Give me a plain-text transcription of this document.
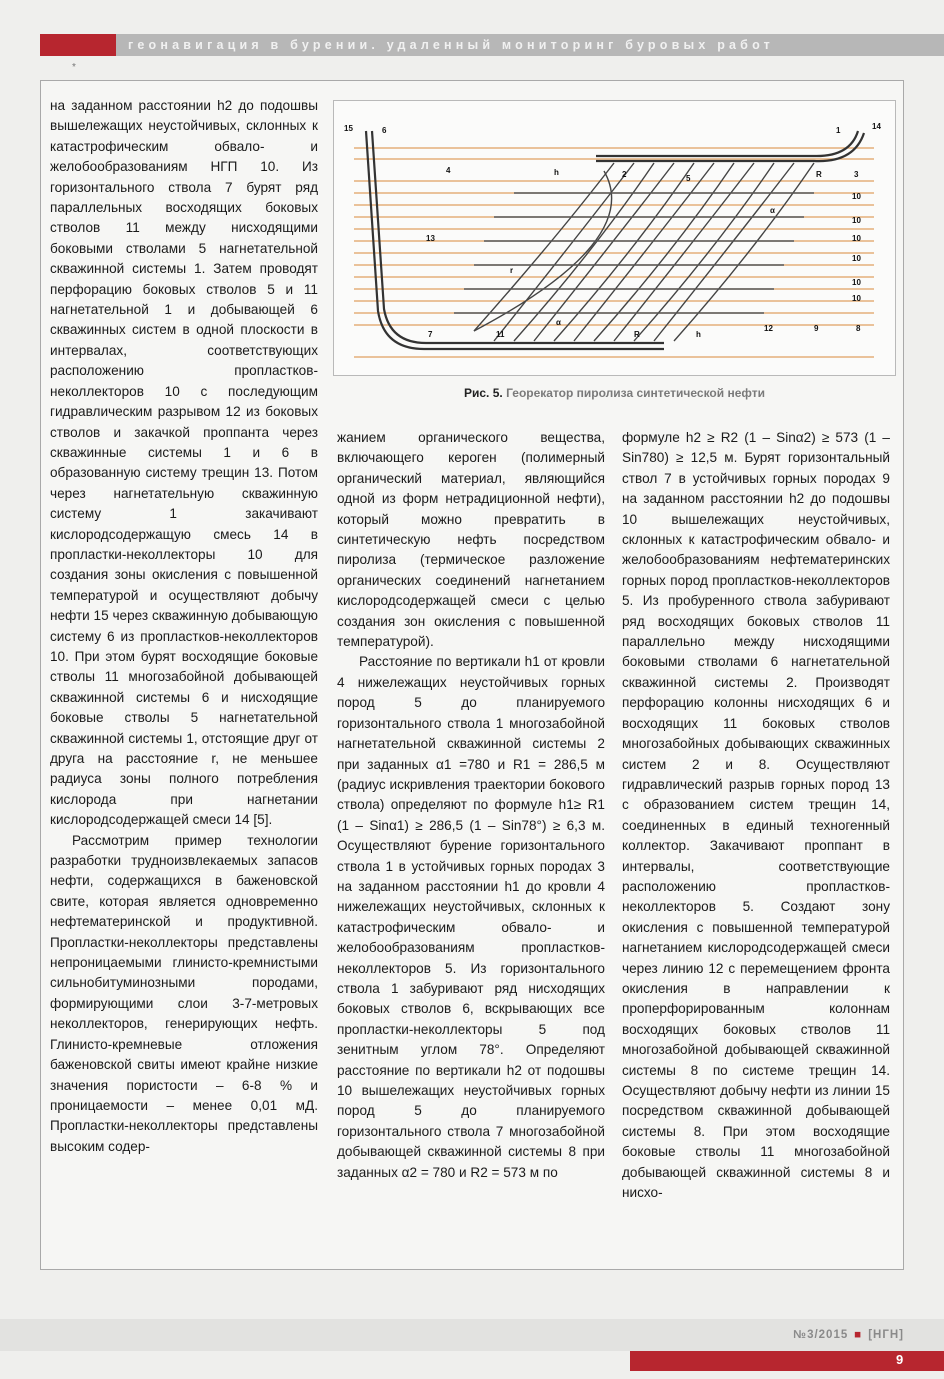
геонавигация в бурении. удаленный мониторинг буровых работ
*
15	6	1	14
4	2	5	3
R
h
α
13
r
10
10
10
10
10
10
7	11
α
R	h
12	9	8
Рис. 5. Георекатор пиролиза синтетической нефти

на заданном расстоянии h2 до подошвы вышележащих неустойчивых, склонных к катастрофическим обвало- и желобообразованиям НГП 10. Из горизонтального ствола 7 бурят ряд параллельных восходящих боковых стволов 11 между нисходящими боковыми стволами 5 нагнетательной скважинной системы 1. Затем проводят перфорацию боковых стволов 5 и 11 нагнетательной 1 и добывающей 6 скважинных систем в одной плоскости в интервалах, соответствующих расположению пропластков-неколлекторов 10 с последующим гидравлическим разрывом 12 из боковых стволов и закачкой проппанта через скважинные системы 1 и 6 в образованную систему трещин 13. Потом через нагнетательную скважинную систему 1 закачивают кислородсодержащую смесь 14 в пропластки-неколлекторы 10 для создания зоны окисления с повышенной температурой и осуществляют добычу нефти 15 через скважинную добывающую систему 6 из пропластков-неколлекторов 10. При этом бурят восходящие боковые стволы 11 многозабойной добывающей скважинной системы 6 и нисходящие боковые стволы 5 нагнетательной скважинной системы 1, отстоящие друг от друга на расстояние r, не меньшее радиуса зоны полного потребления кислорода при нагнетании кислородсодержащей смеси 14 [5].

Рассмотрим пример технологии разработки трудноизвлекаемых запасов нефти, содержащихся в баженовской свите, которая является одновременно нефтематеринской и продуктивной. Пропластки-неколлекторы представлены непроницаемыми глинисто-кремнистыми сильнобитуминозными породами, формирующими слои 3-7-метровых неколлекторов, генерирующих нефть. Глинисто-кремневые отложения баженовской свиты имеют крайне низкие значения пористости – 6-8 % и проницаемости – менее 0,01 мД. Пропластки-неколлекторы представлены высоким содер-

жанием органического вещества, включающего кероген (полимерный органический материал, являющийся одной из форм нетрадиционной нефти), который можно превратить в синтетическую нефть посредством пиролиза (термическое разложение органических соединений нагнетанием кислородсодержащей смеси с целью создания зон окисления с повышенной температурой).

Расстояние по вертикали h1 от кровли 4 нижележащих неустойчивых горных пород 5 до планируемого горизонтального ствола 1 многозабойной нагнетательной скважинной системы 2 при заданных α1 =780 и R1 = 286,5 м (радиус искривления траектории бокового ствола) определяют по формуле h1≥ R1 (1 – Sinα1) ≥ 286,5 (1 – Sin78°) ≥ 6,3 м. Осуществляют бурение горизонтального ствола 1 в устойчивых горных породах 3 на заданном расстоянии h1 до кровли 4 нижележащих неустойчивых, склонных к катастрофическим обвало- и желобообразованиям пропластков-неколлекторов 5. Из горизонтального ствола 1 забуривают ряд нисходящих боковых стволов 6, вскрывающих все пропластки-неколлекторы 5 под зенитным углом 78°. Определяют расстояние по вертикали h2 от подошвы 10 вышележащих неустойчивых горных пород 5 до планируемого горизонтального ствола 7 многозабойной добывающей скважинной системы 8 при заданных α2 = 780 и R2 = 573 м по

формуле h2 ≥ R2 (1 – Sinα2) ≥ 573 (1 – Sin780) ≥ 12,5 м. Бурят горизонтальный ствол 7 в устойчивых горных породах 9 на заданном расстоянии h2 до подошвы 10 вышележащих неустойчивых, склонных к катастрофическим обвало- и желобообразованиям нефтематеринских горных пород пропластков-неколлекторов 5. Из пробуренного ствола забуривают ряд восходящих боковых стволов 11 параллельно между нисходящими боковыми стволами 6 нагнетательной скважинной системы 2. Производят перфорацию колонны нисходящих 6 и восходящих 11 боковых стволов многозабойных добывающих скважинных систем 2 и 8. Осуществляют гидравлический разрыв горных пород 13 с образованием систем трещин 14, соединенных в единый техногенный коллектор. Закачивают проппант в интервалы, соответствующие расположению пропластков-неколлекторов 5. Создают зону окисления с повышенной температурой нагнетанием кислородсодержащей смеси через линию 12 с перемещением фронта окисления в направлении к проперфорированным колоннам восходящих боковых стволов 11 многозабойной добывающей скважинной системы 8 по системе трещин 14. Осуществляют добычу нефти из линии 15 посредством скважинной добывающей системы 8. При этом восходящие боковые стволы 11 многозабойной добывающей скважинной системы 8 и нисхо-

№3/2015 ■ [НГН]
9
